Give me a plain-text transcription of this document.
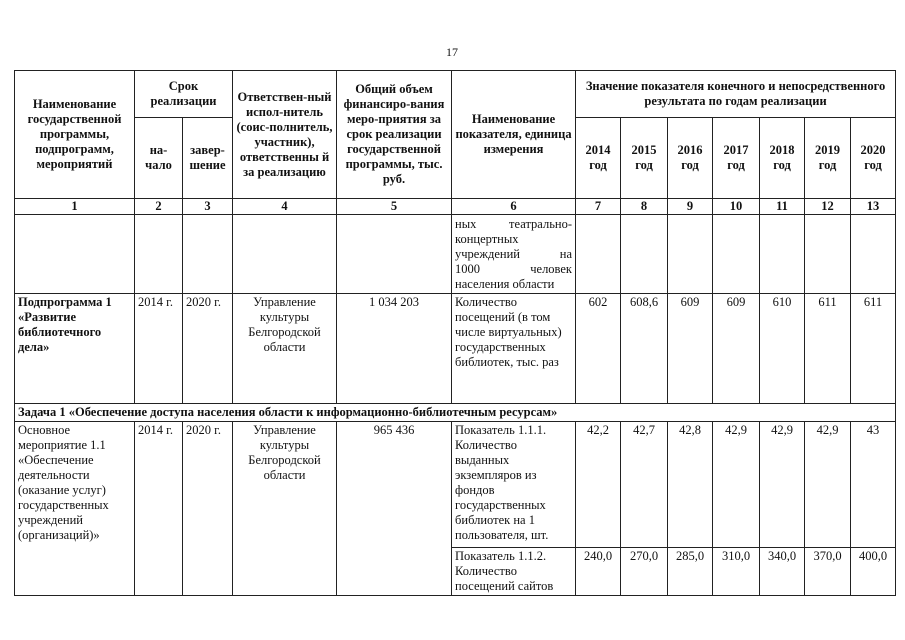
17
Наименование государственной программы, подпрограмм, мероприятий	Срок реализации		Ответствен-ный испол-нитель (соис-полнитель, участник), ответственны й за реализацию	Общий объем финансиро-вания меро-приятия за срок реализации государственной программы, тыс. руб.	Наименование показателя, единица измерения	Значение показателя конечного и непосредственного результата по годам реализации						
	на-чало	завер-шение				2014 год	2015 год	2016 год	2017 год	2018 год	2019 год	2020 год
1	2	3	4	5	6	7	8	9	10	11	12	13

					ных театрально-
концертных
учреждений на
1000 человек
населения области							

Подпрограмма 1 «Развитие библиотечного дела»	2014 г.	2020 г.	Управление культуры Белгородской области	1 034 203	Количество посещений (в том числе виртуальных) государственных библиотек, тыс. раз	602	608,6	609	609	610	611	611
Задача 1 «Обеспечение доступа населения области к информационно-библиотечным ресурсам»												
Основное мероприятие 1.1 «Обеспечение деятельности (оказание услуг) государственных учреждений (организаций)»	2014 г.	2020 г.	Управление культуры Белгородской области	965 436	Показатель 1.1.1. Количество выданных экземпляров из фондов государственных библиотек на 1 пользователя, шт.	42,2	42,7	42,8	42,9	42,9	42,9	43
					Показатель 1.1.2. Количество посещений сайтов	240,0	270,0	285,0	310,0	340,0	370,0	400,0
